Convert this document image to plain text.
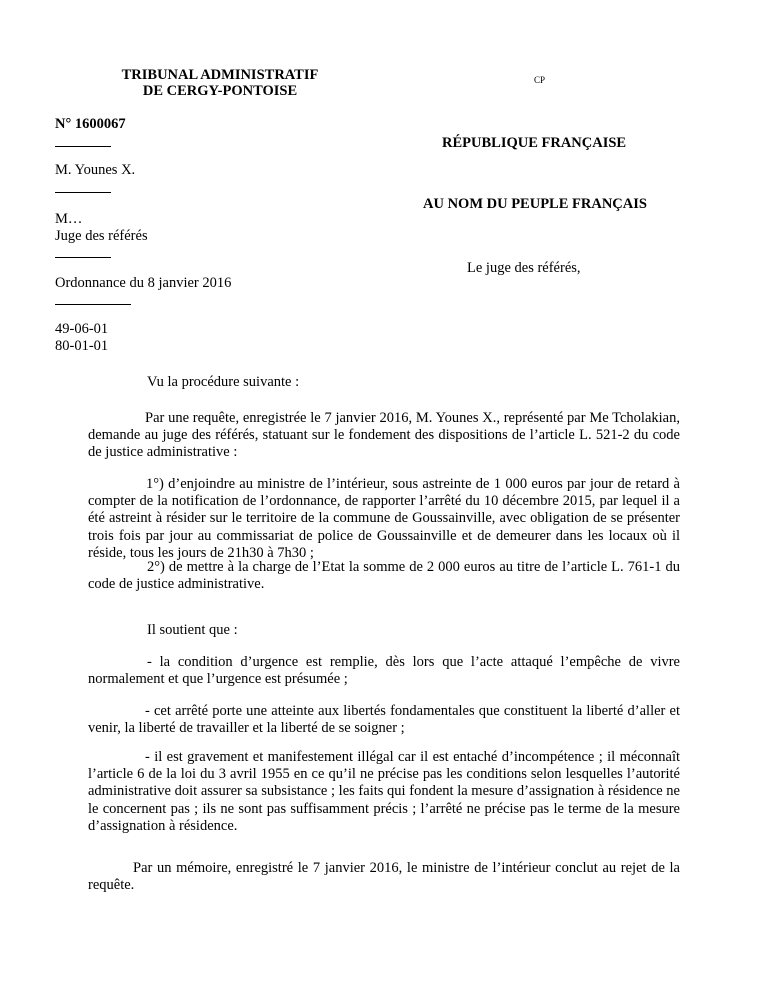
TRIBUNAL ADMINISTRATIF
DE CERGY-PONTOISE
CP
N° 1600067
M. Younes X.
M…
Juge des référés
Ordonnance du 8 janvier 2016
49-06-01
80-01-01
RÉPUBLIQUE FRANÇAISE
AU NOM DU PEUPLE FRANÇAIS
Le juge des référés,
Vu la procédure suivante :
Par une requête, enregistrée le 7 janvier 2016, M. Younes X., représenté par Me Tcholakian, demande au juge des référés, statuant sur le fondement des dispositions de l’article L. 521-2 du code de justice administrative :
1°) d’enjoindre au ministre de l’intérieur, sous astreinte de 1 000 euros par jour de retard à compter de la notification de l’ordonnance, de rapporter l’arrêté du 10 décembre 2015, par lequel il a été astreint à résider sur le territoire de la commune de Goussainville, avec obligation de se présenter trois fois par jour au commissariat de police de Goussainville et de demeurer dans les locaux où il réside, tous les jours de 21h30 à 7h30 ;
2°) de mettre à la charge de l’Etat la somme de 2 000 euros au titre de l’article L. 761-1 du code de justice administrative.
Il soutient que :
- la condition d’urgence est remplie, dès lors que l’acte attaqué l’empêche de vivre normalement et que l’urgence est présumée ;
- cet arrêté porte une atteinte aux libertés fondamentales que constituent la liberté d’aller et venir, la liberté de travailler et la liberté de se soigner ;
- il est gravement et manifestement illégal car il est entaché d’incompétence ; il méconnaît l’article 6 de la loi du 3 avril 1955 en ce qu’il ne précise pas les conditions selon lesquelles l’autorité administrative doit assurer sa subsistance ; les faits qui fondent la mesure d’assignation à résidence ne le concernent pas ; ils ne sont pas suffisamment précis ; l’arrêté ne précise pas le terme de la mesure d’assignation à résidence.
Par un mémoire, enregistré le 7 janvier 2016, le ministre de l’intérieur conclut au rejet de la requête.
